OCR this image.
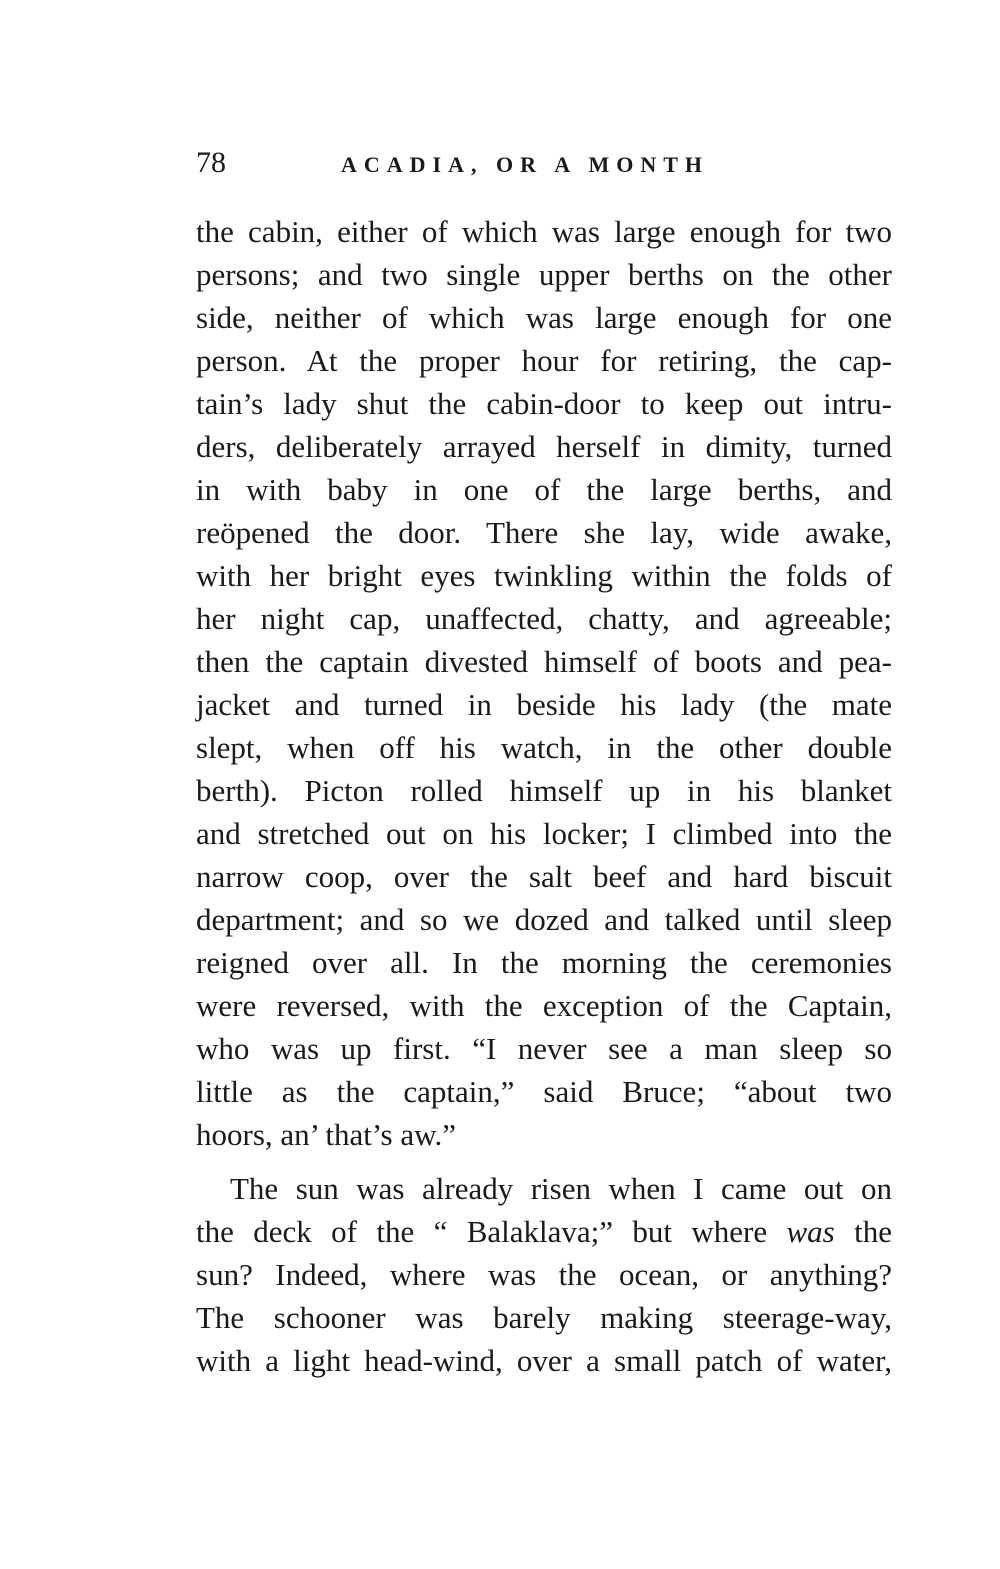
78	ACADIA, OR A MONTH

the cabin, either of which was large enough for two
persons; and two single upper berths on the other
side, neither of which was large enough for one
person. At the proper hour for retiring, the cap-
tain’s lady shut the cabin-door to keep out intru-
ders, deliberately arrayed herself in dimity, turned
in with baby in one of the large berths, and
reöpened the door. There she lay, wide awake,
with her bright eyes twinkling within the folds of
her night cap, unaffected, chatty, and agreeable;
then the captain divested himself of boots and pea-
jacket and turned in beside his lady (the mate
slept, when off his watch, in the other double
berth). Picton rolled himself up in his blanket
and stretched out on his locker; I climbed into the
narrow coop, over the salt beef and hard biscuit
department; and so we dozed and talked until sleep
reigned over all. In the morning the ceremonies
were reversed, with the exception of the Captain,
who was up first. “I never see a man sleep so
little as the captain,” said Bruce; “about two
hoors, an’ that’s aw.”

The sun was already risen when I came out on
the deck of the “ Balaklava;” but where was the
sun? Indeed, where was the ocean, or anything?
The schooner was barely making steerage-way,
with a light head-wind, over a small patch of water,
